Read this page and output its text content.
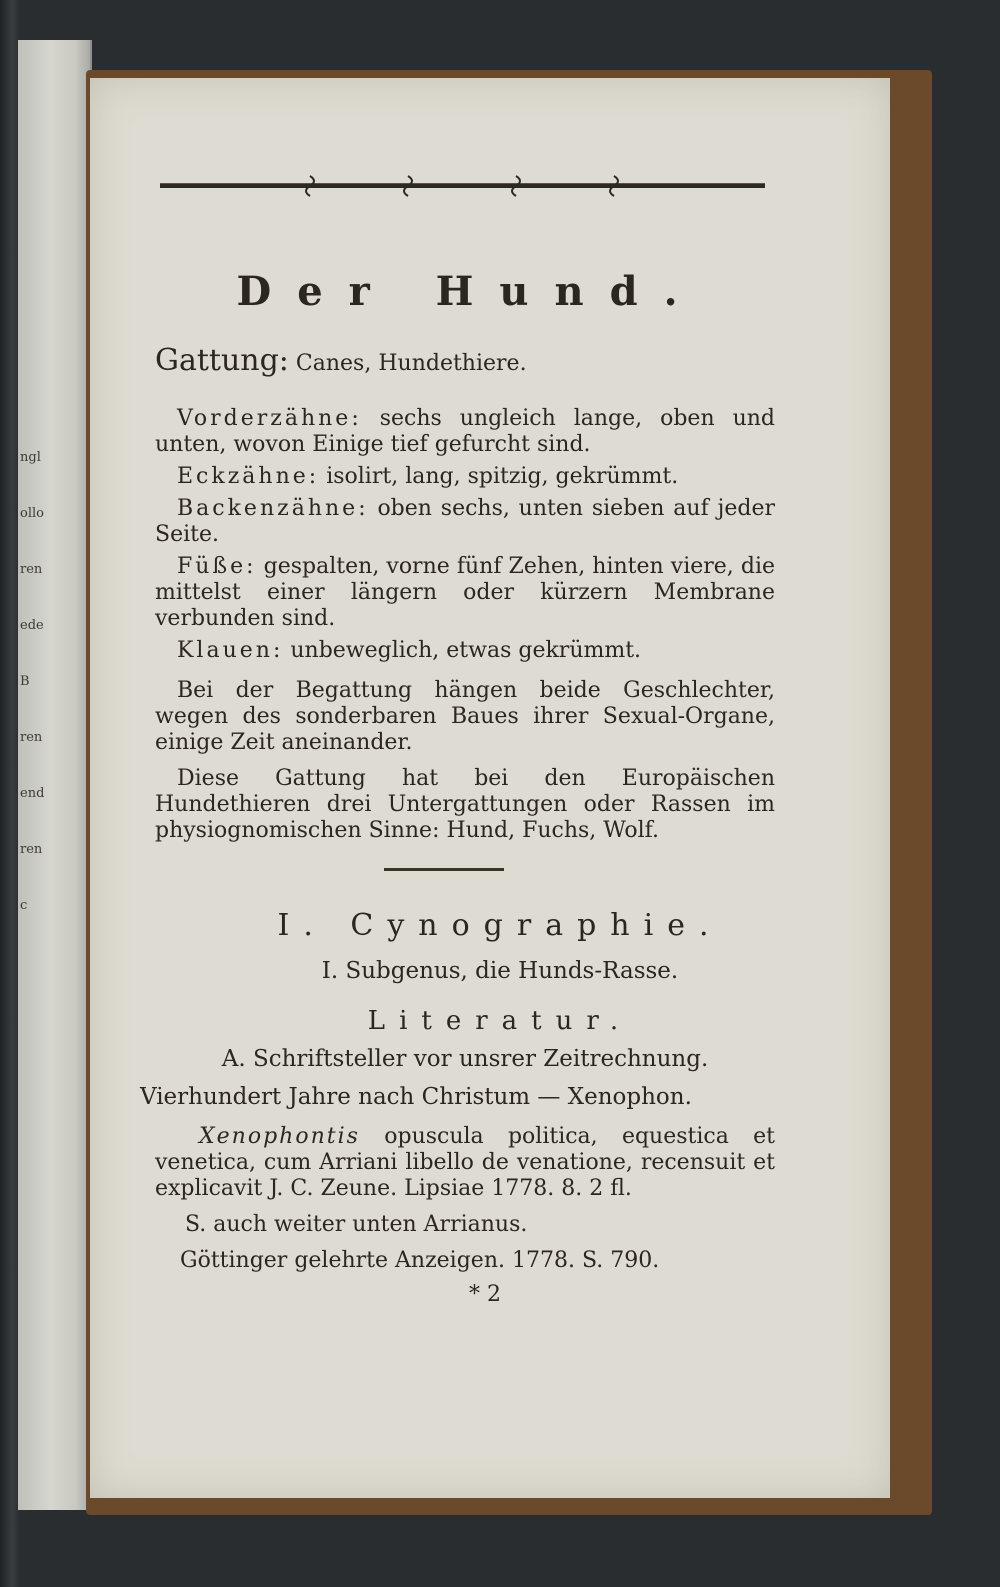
ngl
ollo
ren
ede
B
ren
end
ren
c
Der Hund.

Gattung: Canes, Hundethiere.

 Vorderzähne: sechs ungleich lange, oben und unten, wovon Einige tief gefurcht sind.

 Eckzähne: isolirt, lang, spitzig, gekrümmt.

 Backenzähne: oben sechs, unten sieben auf jeder Seite.

 Füße: gespalten, vorne fünf Zehen, hinten viere, die mittelst einer längern oder kürzern Membrane verbunden sind.

 Klauen: unbeweglich, etwas gekrümmt.

 Bei der Begattung hängen beide Geschlechter, wegen des sonderbaren Baues ihrer Sexual-Organe, einige Zeit aneinander.

 Diese Gattung hat bei den Europäischen Hundethieren drei Untergattungen oder Rassen im physiognomischen Sinne: Hund, Fuchs, Wolf.

I. Cynographie.
I. Subgenus, die Hunds-Rasse.
Literatur.

A. Schriftsteller vor unsrer Zeitrechnung.

Vierhundert Jahre nach Christum — Xenophon.

  Xenophontis opuscula politica, equestica et venetica, cum Arriani libello de venatione, recensuit et explicavit J. C. Zeune. Lipsiae 1778. 8. 2 fl.

S. auch weiter unten Arrianus.

Göttinger gelehrte Anzeigen. 1778. S. 790.

* 2
